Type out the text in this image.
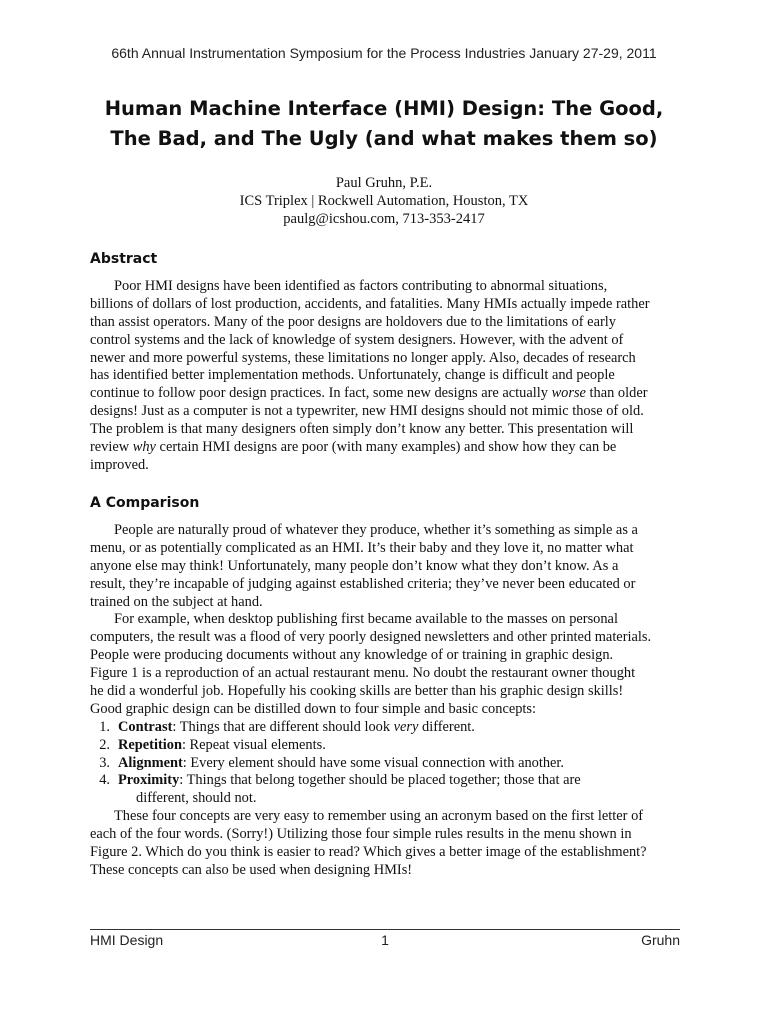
66th Annual Instrumentation Symposium for the Process Industries January 27-29, 2011
Human Machine Interface (HMI) Design: The Good,
The Bad, and The Ugly (and what makes them so)
Paul Gruhn, P.E.
ICS Triplex | Rockwell Automation, Houston, TX
paulg@icshou.com, 713-353-2417
Abstract
Poor HMI designs have been identified as factors contributing to abnormal situations,
billions of dollars of lost production, accidents, and fatalities. Many HMIs actually impede rather
than assist operators. Many of the poor designs are holdovers due to the limitations of early
control systems and the lack of knowledge of system designers. However, with the advent of
newer and more powerful systems, these limitations no longer apply. Also, decades of research
has identified better implementation methods. Unfortunately, change is difficult and people
continue to follow poor design practices. In fact, some new designs are actually worse than older
designs! Just as a computer is not a typewriter, new HMI designs should not mimic those of old.
The problem is that many designers often simply don’t know any better. This presentation will
review why certain HMI designs are poor (with many examples) and show how they can be
improved.
A Comparison
People are naturally proud of whatever they produce, whether it’s something as simple as a
menu, or as potentially complicated as an HMI. It’s their baby and they love it, no matter what
anyone else may think! Unfortunately, many people don’t know what they don’t know. As a
result, they’re incapable of judging against established criteria; they’ve never been educated or
trained on the subject at hand.
For example, when desktop publishing first became available to the masses on personal
computers, the result was a flood of very poorly designed newsletters and other printed materials.
People were producing documents without any knowledge of or training in graphic design.
Figure 1 is a reproduction of an actual restaurant menu. No doubt the restaurant owner thought
he did a wonderful job. Hopefully his cooking skills are better than his graphic design skills!
Good graphic design can be distilled down to four simple and basic concepts:
1. Contrast: Things that are different should look very different.
2. Repetition: Repeat visual elements.
3. Alignment: Every element should have some visual connection with another.
4. Proximity: Things that belong together should be placed together; those that are
different, should not.
These four concepts are very easy to remember using an acronym based on the first letter of
each of the four words. (Sorry!) Utilizing those four simple rules results in the menu shown in
Figure 2. Which do you think is easier to read? Which gives a better image of the establishment?
These concepts can also be used when designing HMIs!
HMI Design	1	Gruhn
